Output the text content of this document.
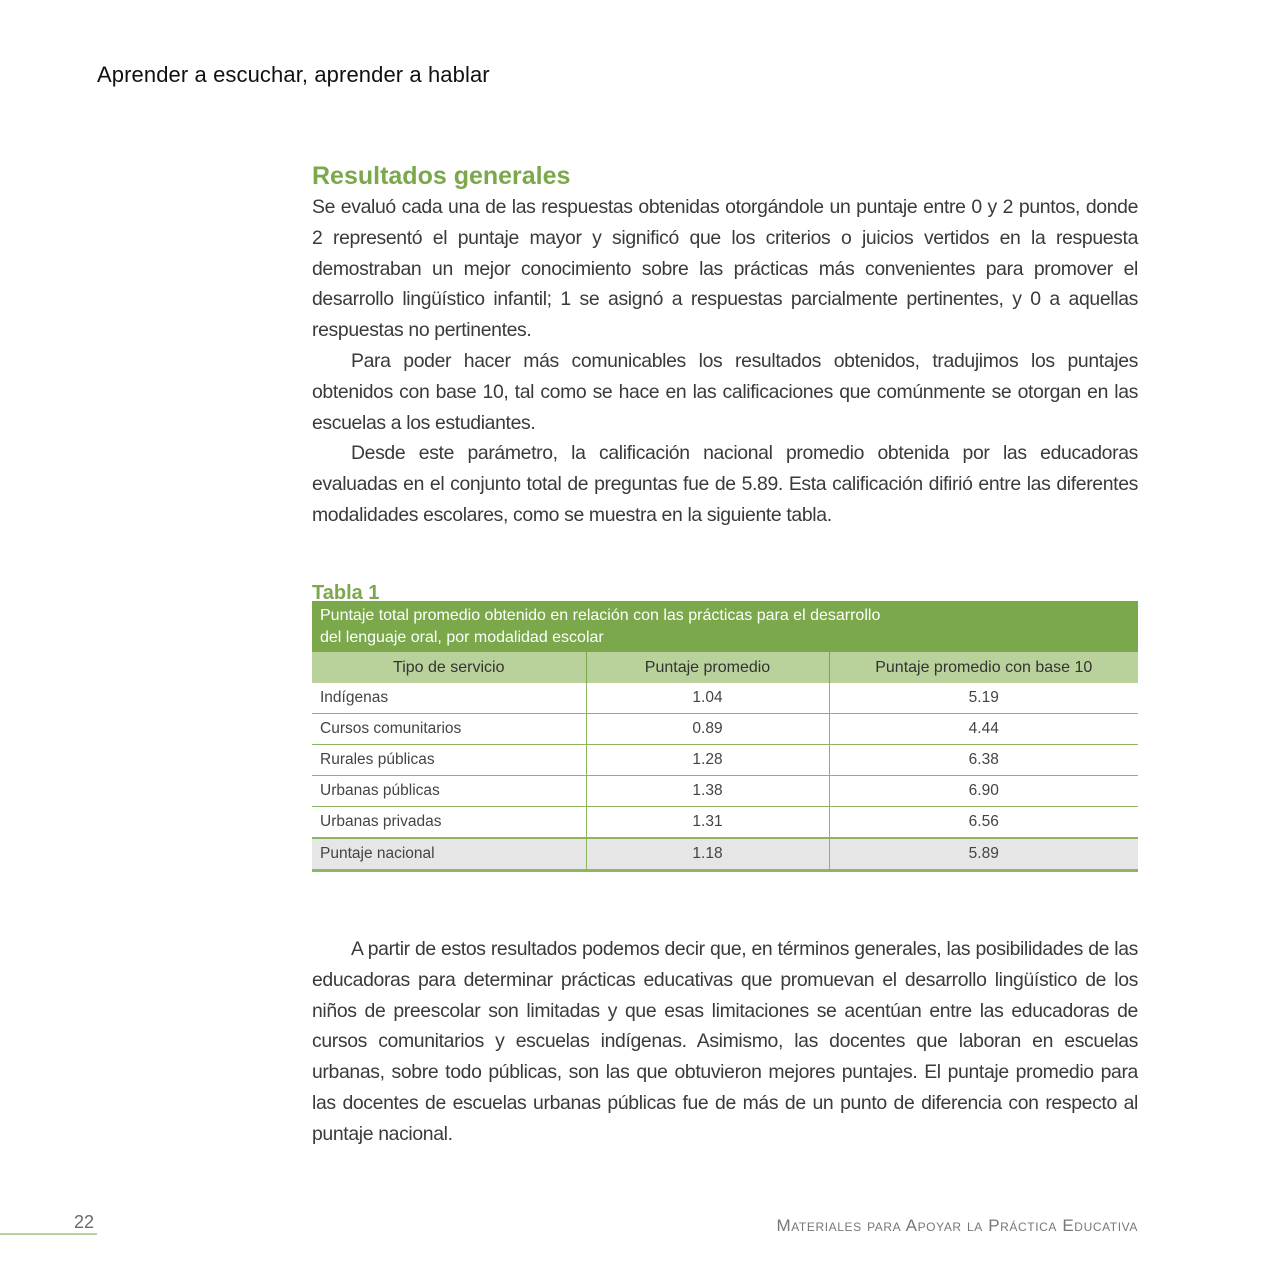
Aprender a escuchar, aprender a hablar
Resultados generales

Se evaluó cada una de las respuestas obtenidas otorgándole un puntaje entre 0 y 2 puntos, donde 2 representó el puntaje mayor y significó que los criterios o juicios vertidos en la respuesta demostraban un mejor conocimiento sobre las prácticas más convenientes para promover el desarrollo lingüístico infantil; 1 se asignó a respuestas parcialmente pertinentes, y 0 a aquellas respuestas no pertinentes.

Para poder hacer más comunicables los resultados obtenidos, tradujimos los puntajes obtenidos con base 10, tal como se hace en las calificaciones que comúnmente se otorgan en las escuelas a los estudiantes.

Desde este parámetro, la calificación nacional promedio obtenida por las educadoras evaluadas en el conjunto total de preguntas fue de 5.89. Esta calificación difirió entre las diferentes modalidades escolares, como se muestra en la siguiente tabla.

Tabla 1
Puntaje total promedio obtenido en relación con las prácticas para el desarrollo
del lenguaje oral, por modalidad escolar
Tipo de servicio	Puntaje promedio	Puntaje promedio con base 10
Indígenas	1.04	5.19
Cursos comunitarios	0.89	4.44
Rurales públicas	1.28	6.38
Urbanas públicas	1.38	6.90
Urbanas privadas	1.31	6.56
Puntaje nacional	1.18	5.89

A partir de estos resultados podemos decir que, en términos generales, las posibilidades de las educadoras para determinar prácticas educativas que promuevan el desarrollo lingüístico de los niños de preescolar son limitadas y que esas limitaciones se acentúan entre las educadoras de cursos comunitarios y escuelas indígenas. Asimismo, las docentes que laboran en escuelas urbanas, sobre todo públicas, son las que obtuvieron mejores puntajes. El puntaje promedio para las docentes de escuelas urbanas públicas fue de más de un punto de diferencia con respecto al puntaje nacional.

22	Materiales para Apoyar la Práctica Educativa
